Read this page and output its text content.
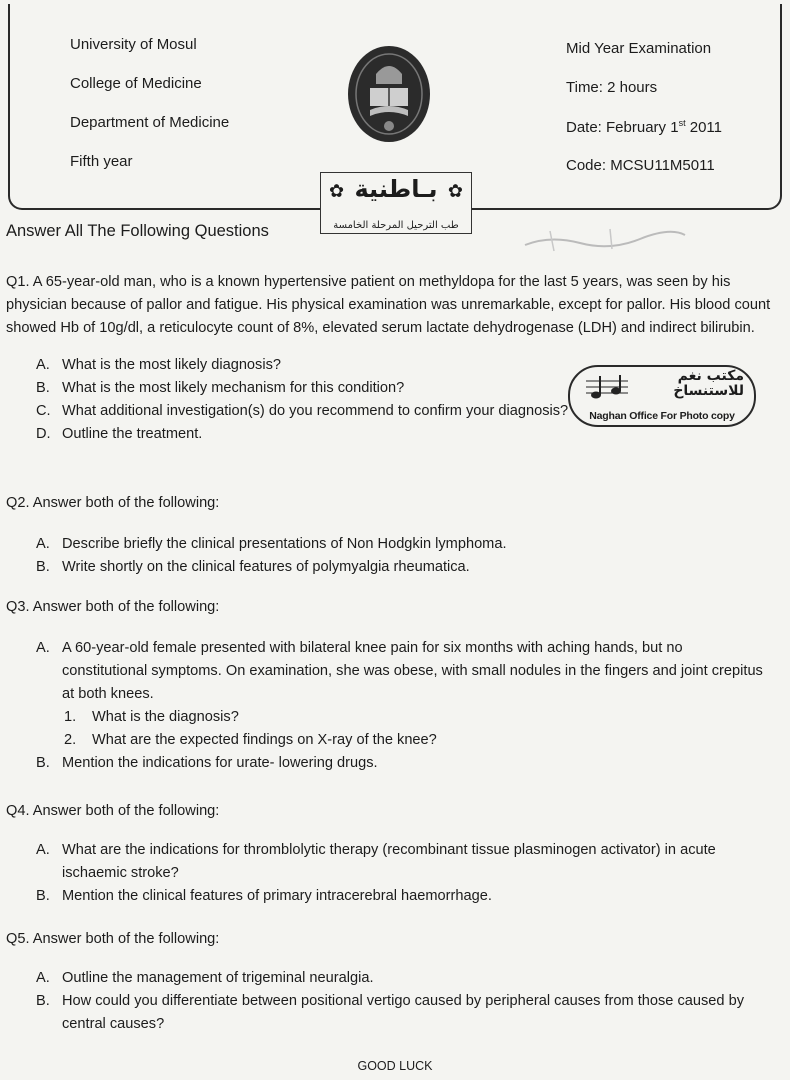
University of Mosul
College of Medicine
Department of Medicine
Fifth year
Mid Year Examination
Time: 2 hours
Date: February 1st 2011
Code: MCSU11M5011
✿	✿
بـاطنية
طب الترحيل المرحلة الخامسة
Answer All The Following Questions
Q1. A 65-year-old man, who is a known hypertensive patient on methyldopa for the last 5 years, was seen by his physician because of pallor and fatigue. His physical examination was unremarkable, except for pallor. His blood count showed Hb of 10g/dl, a reticulocyte count of 8%, elevated serum lactate dehydrogenase (LDH) and indirect bilirubin.
A. What is the most likely diagnosis?
B. What is the most likely mechanism for this condition?
C. What additional investigation(s) do you recommend to confirm your diagnosis?
D. Outline the treatment.
مكتب نغم
للاستنساخ
Naghan Office For Photo copy
Q2. Answer both of the following:
A. Describe briefly the clinical presentations of Non Hodgkin lymphoma.
B. Write shortly on the clinical features of polymyalgia rheumatica.
Q3. Answer both of the following:
A. A 60-year-old female presented with bilateral knee pain for six months with aching hands, but no constitutional symptoms. On examination, she was obese, with small nodules in the fingers and joint crepitus at both knees.
1.	What is the diagnosis?
2.	What are the expected findings on X-ray of the knee?
B. Mention the indications for urate- lowering drugs.
Q4. Answer both of the following:
A. What are the indications for thromblolytic therapy (recombinant tissue plasminogen activator) in acute ischaemic stroke?
B. Mention the clinical features of primary intracerebral haemorrhage.
Q5. Answer both of the following:
A. Outline the management of trigeminal neuralgia.
B. How could you differentiate between positional vertigo caused by peripheral causes from those caused by central causes?
GOOD LUCK
